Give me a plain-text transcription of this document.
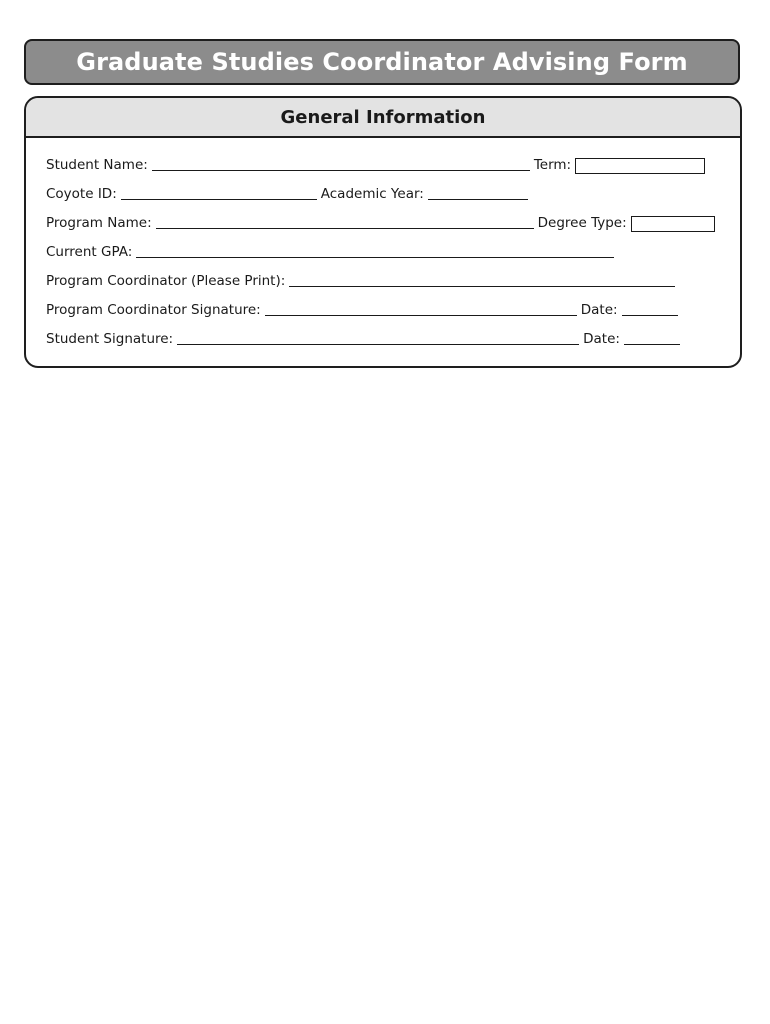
Graduate Studies Coordinator Advising Form
General Information
Student Name:	Term:
Coyote ID:	Academic Year:
Program Name:	Degree Type:
Current GPA:
Program Coordinator (Please Print):
Program Coordinator Signature:	Date:
Student Signature:	Date:
